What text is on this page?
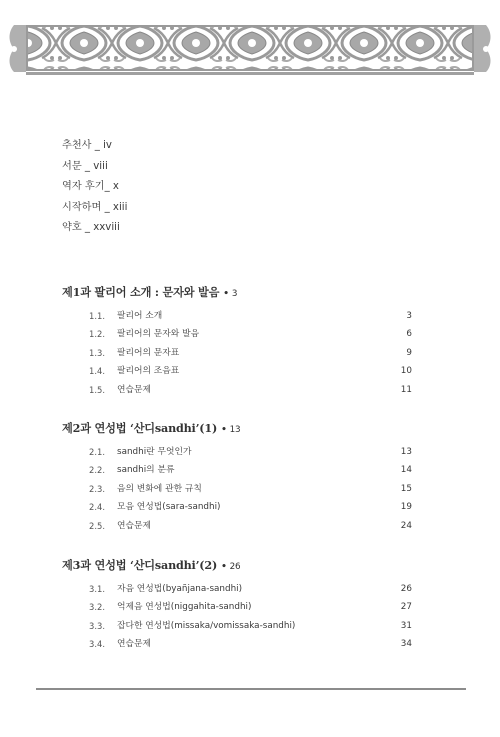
추천사 _ iv
서문 _ viii
역자 후기_ x
시작하며 _ xiii
약호 _ xxviii
제1과 팔리어 소개 : 문자와 발음 • 3
1.1. 팔리어 소개	3
1.2. 팔리어의 문자와 발음	6
1.3. 팔리어의 문자표	9
1.4. 팔리어의 조음표	10
1.5. 연습문제	11
제2과 연성법 ‘산디sandhi’(1) • 13
2.1. sandhi란 무엇인가	13
2.2. sandhi의 분류	14
2.3. 음의 변화에 관한 규칙	15
2.4. 모음 연성법(sara-sandhi)	19
2.5. 연습문제	24
제3과 연성법 ‘산디sandhi’(2) • 26
3.1. 자음 연성법(byañjana-sandhi)	26
3.2. 억제음 연성법(niggahita-sandhi)	27
3.3. 잡다한 연성법(missaka/vomissaka-sandhi)	31
3.4. 연습문제	34
